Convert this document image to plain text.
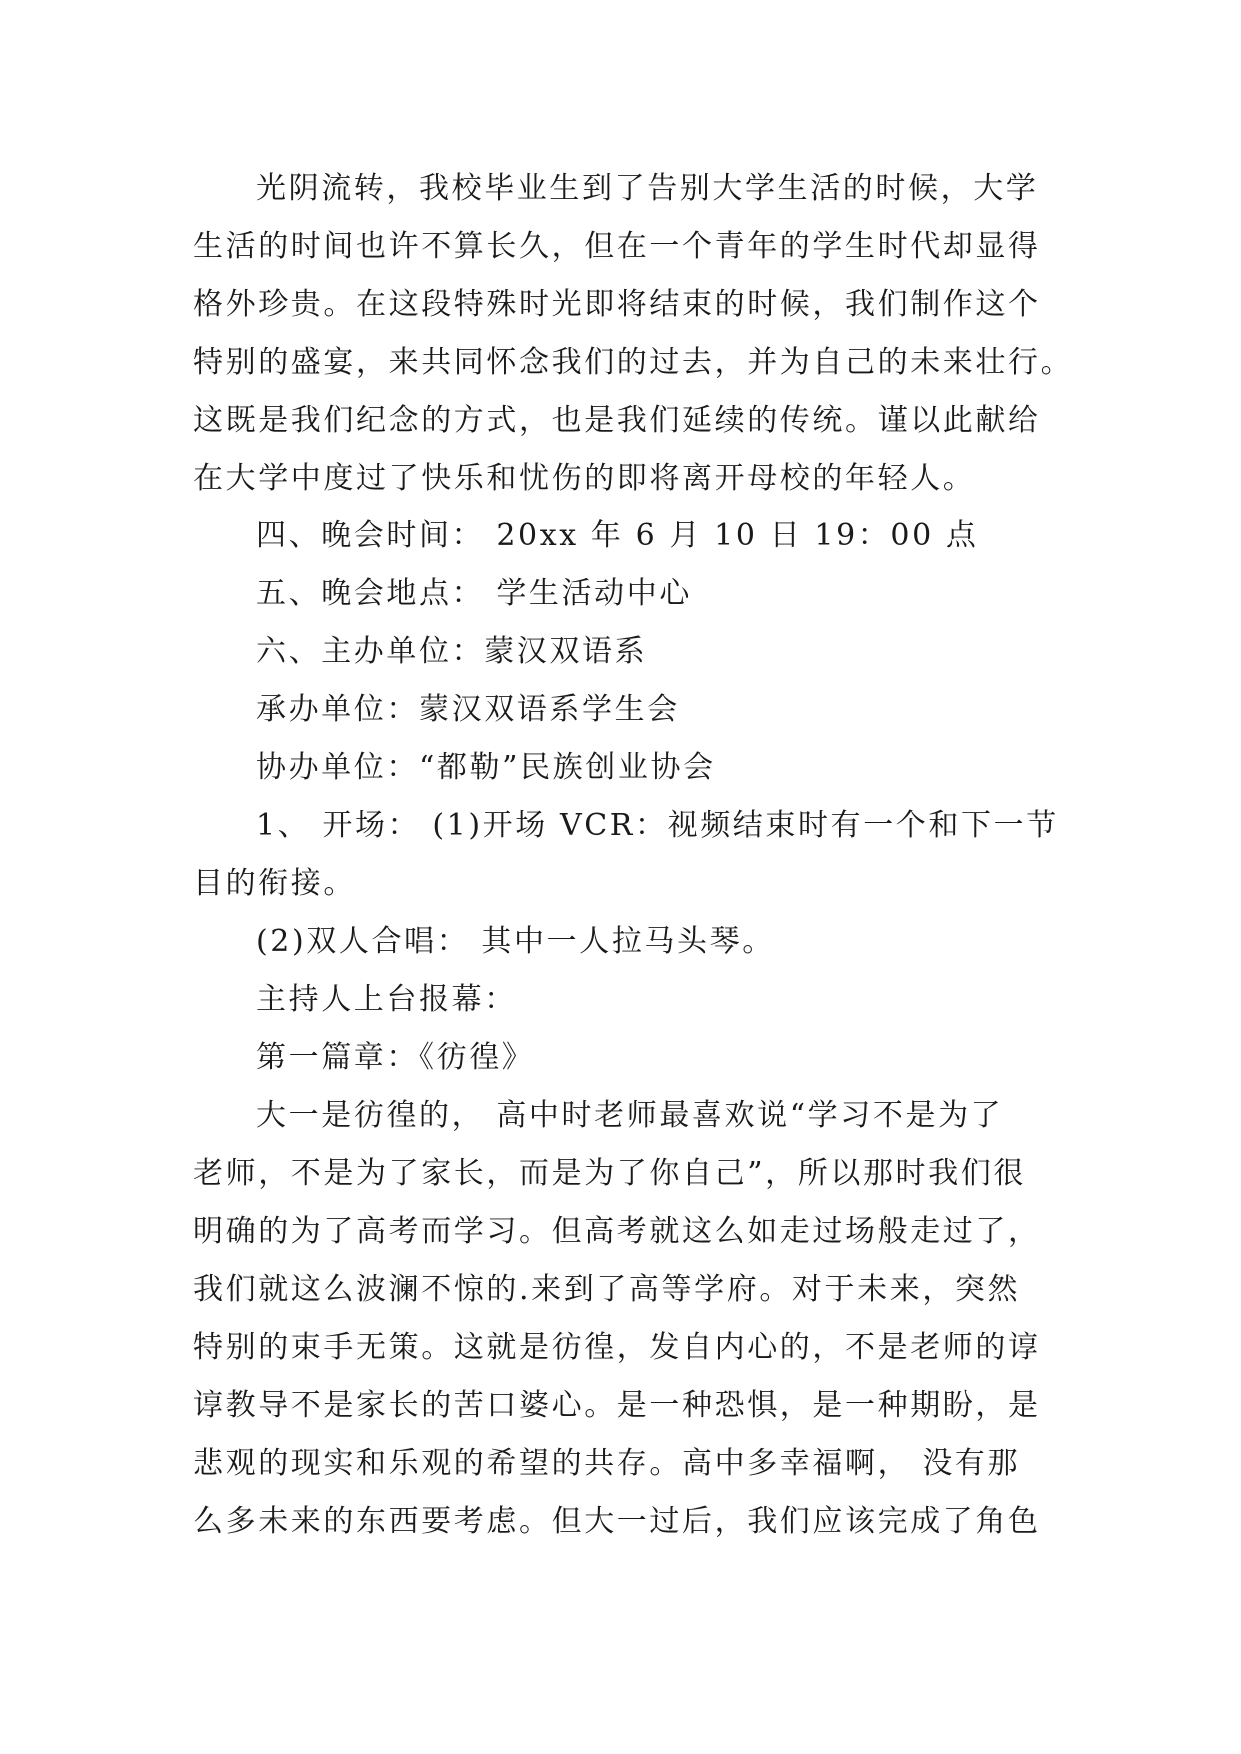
光阴流转，我校毕业生到了告别大学生活的时候，大学
生活的时间也许不算长久，但在一个青年的学生时代却显得
格外珍贵。在这段特殊时光即将结束的时候，我们制作这个
特别的盛宴，来共同怀念我们的过去，并为自己的未来壮行。
这既是我们纪念的方式，也是我们延续的传统。谨以此献给
在大学中度过了快乐和忧伤的即将离开母校的年轻人。
四、晚会时间： 20xx 年 6 月 10 日 19：00 点
五、晚会地点： 学生活动中心
六、主办单位：蒙汉双语系
承办单位：蒙汉双语系学生会
协办单位：“都勒”民族创业协会
1、 开场： (1)开场 VCR：视频结束时有一个和下一节
目的衔接。
(2)双人合唱： 其中一人拉马头琴。
主持人上台报幕：
第一篇章：《彷徨》
大一是彷徨的， 高中时老师最喜欢说“学习不是为了
老师，不是为了家长，而是为了你自己”，所以那时我们很
明确的为了高考而学习。但高考就这么如走过场般走过了，
我们就这么波澜不惊的.来到了高等学府。对于未来，突然
特别的束手无策。这就是彷徨，发自内心的，不是老师的谆
谆教导不是家长的苦口婆心。是一种恐惧，是一种期盼，是
悲观的现实和乐观的希望的共存。高中多幸福啊， 没有那
么多未来的东西要考虑。但大一过后，我们应该完成了角色
